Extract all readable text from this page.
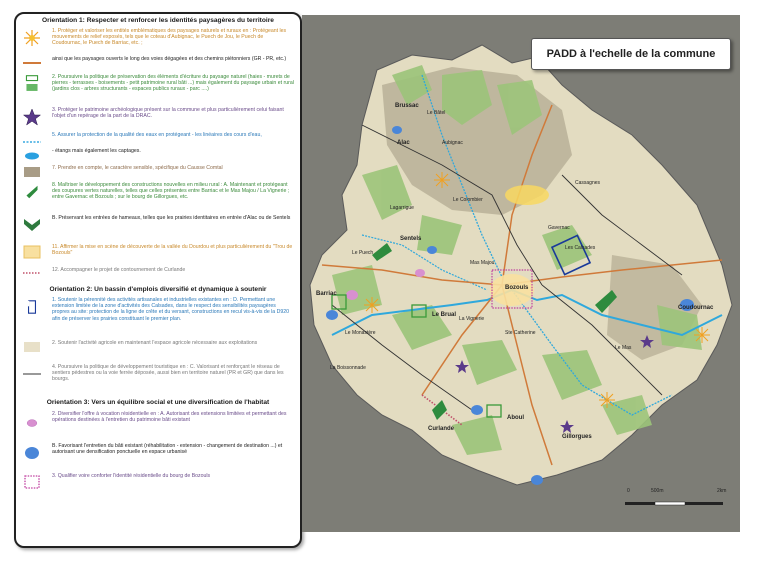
Orientation 1: Respecter et renforcer les identités paysagères du territoire
1. Protéger et valoriser les entités emblématiques des paysages naturels et ruraux en : Protégeant les mouvements de relief exposés, tels que le coteau d'Aubignac, le Puech de Jou, le Puech de Coudournac, le Puech de Barriac, etc. ;
ainsi que les paysages ouverts le long des voies dégagées et des chemins piétonniers (GR - PR, etc.)
2. Poursuivre la politique de préservation des éléments d'écriture du paysage naturel (haies - murets de pierres - terrasses - boisements - petit patrimoine rural bâti ...) mais également du paysage urbain et rural (jardins clos - arbres structurants - espaces publics ruraux - parc ....)
3. Protéger le patrimoine archéologique présent sur la commune et plus particulièrement celui faisant l'objet d'un repérage de la part de la DRAC.
5. Assurer la protection de la qualité des eaux en protégeant - les linéaires des cours d'eau,
- étangs mais également les captages.
7. Prendre en compte, le caractère sensible, spécifique du Causse Comtal
8. Maîtriser le développement des constructions nouvelles en milieu rural : A. Maintenant et protégeant des coupures vertes naturelles, telles que celles présentes entre Barriac et le Mas Majou / La Vignerie ; entre Gavernac et Bozouls ; sur le bourg de Gillorgues, etc.
B. Préservant les entrées de hameaux, telles que les prairies identitaires en entrée d'Alac ou de Sentels
11. Affirmer la mise en scène de découverte de la vallée du Dourdou et plus particulièrement du "Trou de Bozouls"
12. Accompagner le projet de contournement de Curlande
Orientation 2: Un bassin d'emplois diversifié et dynamique à soutenir
1. Soutenir la pérennité des activités artisanales et industrielles existantes en : D. Permettant une extension limitée de la zone d'activités des Calsades, dans le respect des sensibilités paysagères propres au site: protection de la ligne de crête et du versant, constructions en recul vis-à-vis de la D920 afin de préserver les prairies constituant le premier plan.
2. Soutenir l'activité agricole en maintenant l'espace agricole nécessaire aux exploitations
4. Poursuivre la politique de développement touristique en : C. Valorisant et renforçant le réseau de sentiers pédestres ou la voie ferrée déposée, aussi bien en territoire naturel (PR et GR) que dans les bourgs.
Orientation 3: Vers un équilibre social et une diversification de l'habitat
2. Diversifier l'offre à vocation résidentielle en : A. Autorisant des extensions limitées et permettant des opérations destinées à l'entretien du patrimoine bâti existant
B. Favorisant l'entretien du bâti existant (réhabilitation - extension - changement de destination ...) et autorisant une densification ponctuelle en espace urbanisé
3. Qualifier voire conforter l'identité résidentielle du bourg de Bozouls
PADD à l'echelle de la commune
Brussac
Le Bâtel
Alac
Sentels
Barriac
Le Brual
Bozouls
Coudournac
Curlande
Aboul
Gillorgues
La Vignerie
Aubignac
Gavernac
Mas Majou
Les Calsades
Ste Catherine
Le Puech
Lagarrigue
Le Colombier
Cassagnes
La Boissonnade
Le Monastère
Le Mas
0	500m	2km
